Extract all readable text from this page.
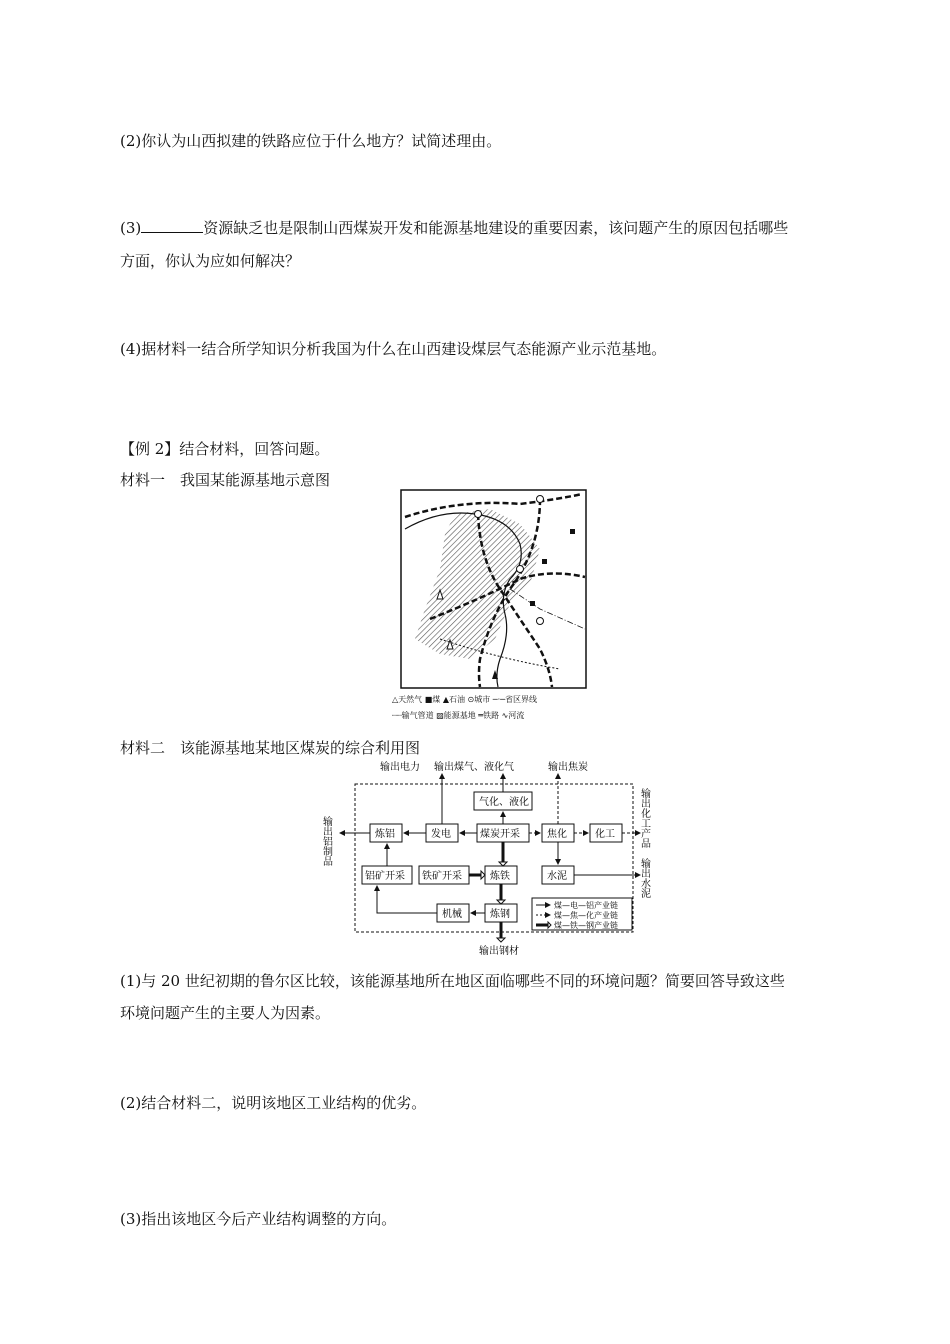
(2)你认为山西拟建的铁路应位于什么地方？试简述理由。
(3)	资源缺乏也是限制山西煤炭开发和能源基地建设的重要因素，该问题产生的原因包括哪些
方面，你认为应如何解决？
(4)据材料一结合所学知识分析我国为什么在山西建设煤层气态能源产业示范基地。
【例 2】结合材料，回答问题。
材料一　我国某能源基地示意图
△天然气 ■煤 ▲石油 ⊙城市 ─·─省区界线
┈┈输气管道 ▨能源基地 ═铁路 ∿河流
材料二　该能源基地某地区煤炭的综合利用图
输出电力 输出煤气、液化气	输出焦炭
气化、液化
炼铝	发电	煤炭开采	焦化	化工
铝矿开采 铁矿开采	炼铁	水泥
机械	炼钢
输出铝制品	输出化工产品
输出水泥
输出钢材
煤—电—铝产业链
煤—焦—化产业链
煤—铁—钢产业链
(1)与 20 世纪初期的鲁尔区比较，该能源基地所在地区面临哪些不同的环境问题？简要回答导致这些
环境问题产生的主要人为因素。
(2)结合材料二，说明该地区工业结构的优劣。
(3)指出该地区今后产业结构调整的方向。
